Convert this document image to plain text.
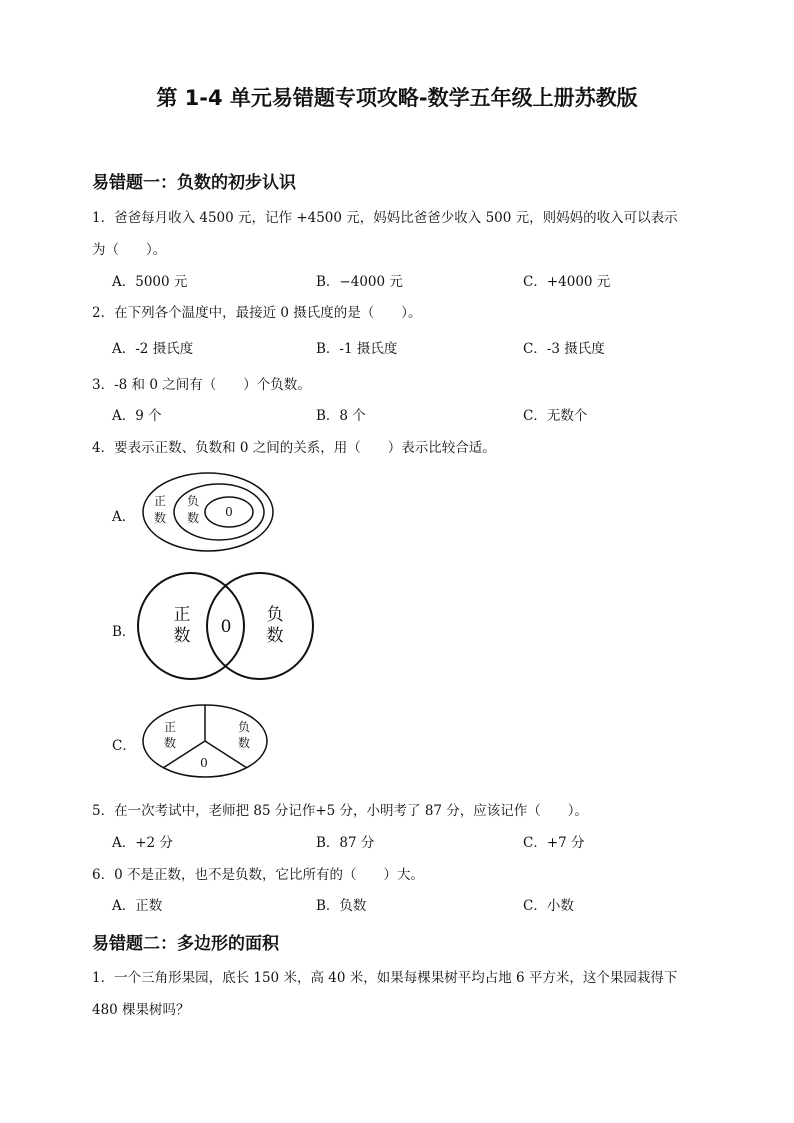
第 1-4 单元易错题专项攻略-数学五年级上册苏教版
易错题一：负数的初步认识
1．爸爸每月收入 4500 元，记作 +4500 元，妈妈比爸爸少收入 500 元，则妈妈的收入可以表示
为（　　）。
A．5000 元	B．−4000 元	C．+4000 元
2．在下列各个温度中，最接近 0 摄氏度的是（　　）。
A．-2 摄氏度	B．-1 摄氏度	C．-3 摄氏度
3．-8 和 0 之间有（　　）个负数。
A．9 个	B．8 个	C．无数个
4．要表示正数、负数和 0 之间的关系，用（　　）表示比较合适。
A．
正
数
负
数 0
B．
正
数 0
负
数
C．
正
数
负
数
0
5．在一次考试中，老师把 85 分记作+5 分，小明考了 87 分，应该记作（　　）。
A．+2 分	B．87 分	C．+7 分
6．0 不是正数，也不是负数，它比所有的（　　）大。
A．正数	B．负数	C．小数
易错题二：多边形的面积
1．一个三角形果园，底长 150 米，高 40 米，如果每棵果树平均占地 6 平方米，这个果园栽得下
480 棵果树吗？
